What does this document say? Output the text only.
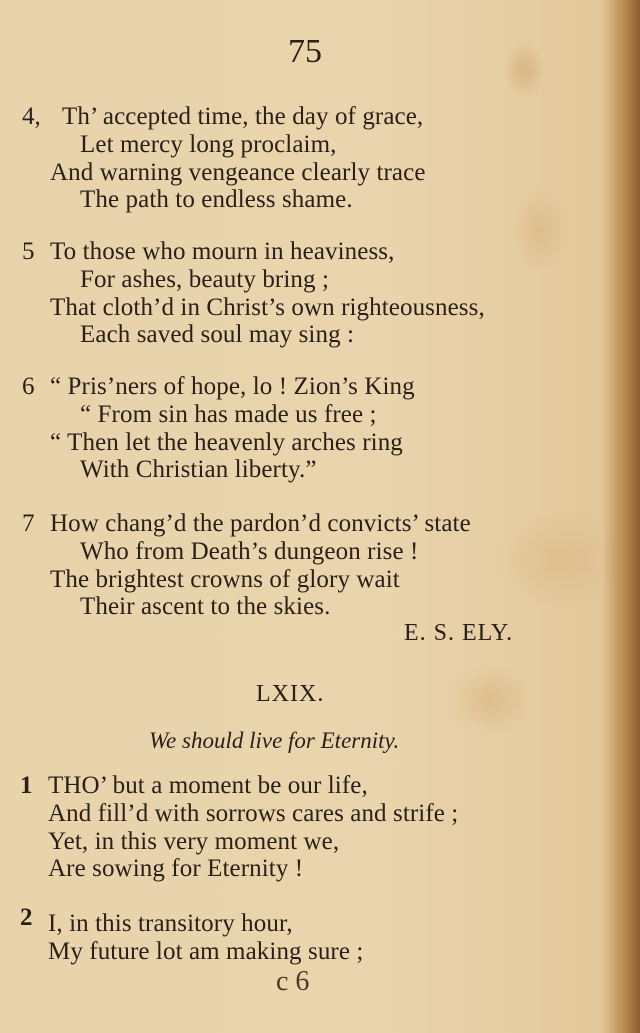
75
4, Th’ accepted time, the day of grace,
Let mercy long proclaim,
And warning vengeance clearly trace
The path to endless shame.
5 To those who mourn in heaviness,
For ashes, beauty bring ;
That cloth’d in Christ’s own righteousness,
Each saved soul may sing :
6 “ Pris’ners of hope, lo ! Zion’s King
“ From sin has made us free ;
“ Then let the heavenly arches ring
With Christian liberty.”
7 How chang’d the pardon’d convicts’ state
Who from Death’s dungeon rise !
The brightest crowns of glory wait
Their ascent to the skies.
E. S. ELY.
LXIX.
We should live for Eternity.
1 THO’ but a moment be our life,
And fill’d with sorrows cares and strife ;
Yet, in this very moment we,
Are sowing for Eternity !
2 I, in this transitory hour,
My future lot am making sure ;
c 6
